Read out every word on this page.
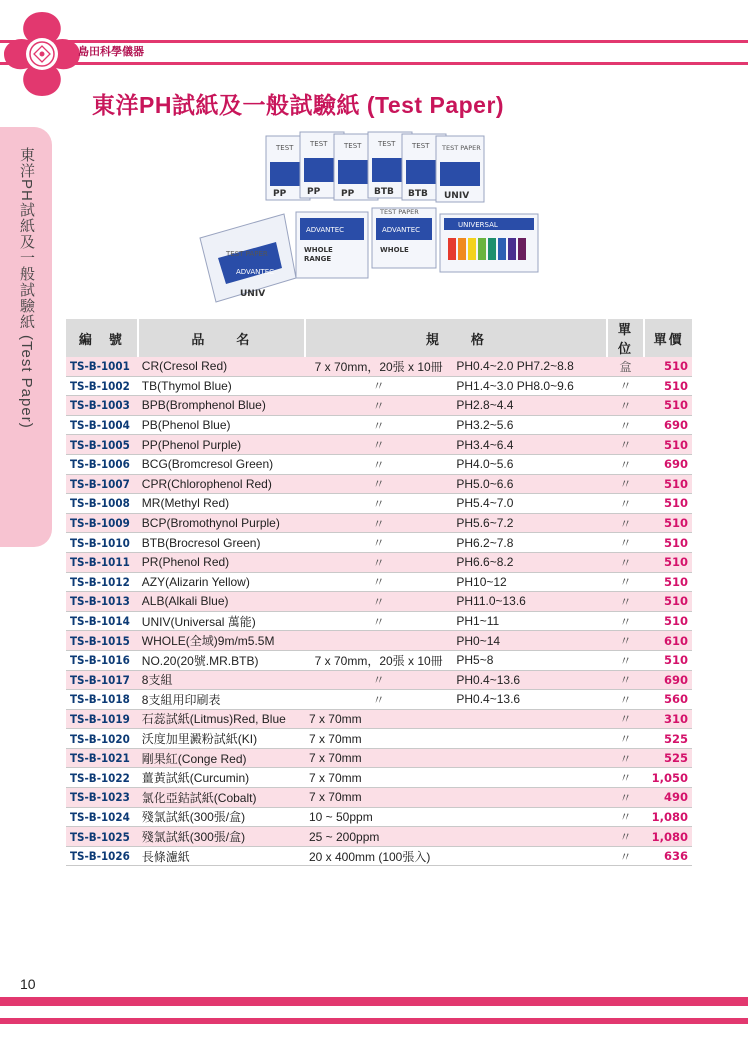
島田科學儀器
東洋PH試紙及一般試驗紙 (Test Paper)
東洋PH試紙及一般試驗紙 (Test Paper)	TEST
PP
TEST
PP
TEST
PP
TEST
BTB
TEST
BTB
TEST PAPER
UNIV
TEST PAPER
UNIV
ADVANTEC
ADVANTEC
WHOLE
RANGE
TEST PAPER
ADVANTEC
WHOLE
UNIVERSAL
編　號	品　　名	規　　格		單位	單價
TS-B-1001	CR(Cresol Red)	7 x 70mm，20張 x 10冊	PH0.4~2.0 PH7.2~8.8	盒	510
TS-B-1002	TB(Thymol Blue)	〃	PH1.4~3.0 PH8.0~9.6	〃	510
TS-B-1003	BPB(Bromphenol Blue)	〃	PH2.8~4.4	〃	510
TS-B-1004	PB(Phenol Blue)	〃	PH3.2~5.6	〃	690
TS-B-1005	PP(Phenol Purple)	〃	PH3.4~6.4	〃	510
TS-B-1006	BCG(Bromcresol Green)	〃	PH4.0~5.6	〃	690
TS-B-1007	CPR(Chlorophenol Red)	〃	PH5.0~6.6	〃	510
TS-B-1008	MR(Methyl Red)	〃	PH5.4~7.0	〃	510
TS-B-1009	BCP(Bromothynol Purple)	〃	PH5.6~7.2	〃	510
TS-B-1010	BTB(Brocresol Green)	〃	PH6.2~7.8	〃	510
TS-B-1011	PR(Phenol Red)	〃	PH6.6~8.2	〃	510
TS-B-1012	AZY(Alizarin Yellow)	〃	PH10~12	〃	510
TS-B-1013	ALB(Alkali Blue)	〃	PH11.0~13.6	〃	510
TS-B-1014	UNIV(Universal 萬能)	〃	PH1~11	〃	510
TS-B-1015	WHOLE(全域)9m/m5.5M		PH0~14	〃	610
TS-B-1016	NO.20(20號.MR.BTB)	7 x 70mm，20張 x 10冊	PH5~8	〃	510
TS-B-1017	8支組	〃	PH0.4~13.6	〃	690
TS-B-1018	8支組用印刷表	〃	PH0.4~13.6	〃	560
TS-B-1019	石蕊試紙(Litmus)Red, Blue	7 x 70mm		〃	310
TS-B-1020	沃度加里澱粉試紙(KI)	7 x 70mm		〃	525
TS-B-1021	剛果紅(Conge Red)	7 x 70mm		〃	525
TS-B-1022	薑黃試紙(Curcumin)	7 x 70mm		〃	1,050
TS-B-1023	氯化亞鈷試紙(Cobalt)	7 x 70mm		〃	490
TS-B-1024	殘氯試紙(300張/盒)	10 ~ 50ppm		〃	1,080
TS-B-1025	殘氯試紙(300張/盒)	25 ~ 200ppm		〃	1,080
TS-B-1026	長條濾紙	20 x 400mm (100張入)		〃	636
10
